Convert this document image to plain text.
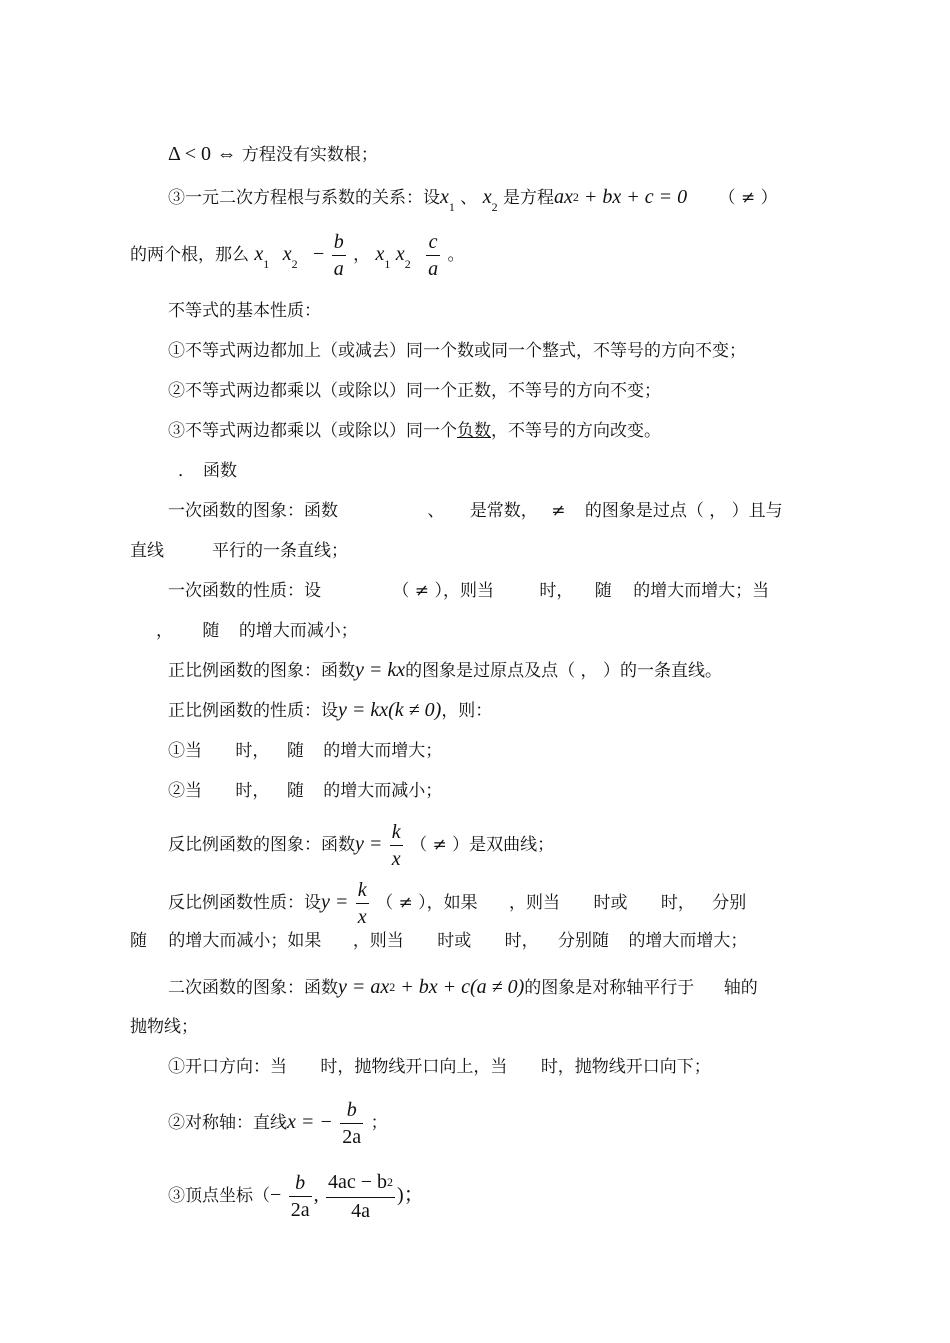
Δ < 0 ⇔ 方程没有实数根；
③一元二次方程根与系数的关系：设$x_1$ 、 $x_2$ 是方程ax2 + bx + c = 0 （ ≠ ）
的两个根，那么 $x_1$ $x_2 - \frac{b}{a}$ ， $x_1$ $x_2 \frac{c}{a}$ 。
不等式的基本性质：
①不等式两边都加上（或减去）同一个数或同一个整式，不等号的方向不变；
②不等式两边都乘以（或除以）同一个正数，不等号的方向不变；
③不等式两边都乘以（或除以）同一个负数，不等号的方向改变。
． 函数
一次函数的图象：函数	、 是常数， ≠ 的图象是过点（ ， ）且与
直线	平行的一条直线；
一次函数的性质：设	（ ≠ ），则当	时， 随 的增大而增大；当
， 随 的增大而减小；
正比例函数的图象：函数y = kx的图象是过原点及点（ ， ）的一条直线。
正比例函数的性质：设y = kx(k ≠ 0)，则：
①当 时， 随 的增大而增大；
②当 时， 随 的增大而减小；
反比例函数的图象：函数$y = \frac{k}{x}$ （ ≠ ）是双曲线；
反比例函数性质：设$y = \frac{k}{x}$ （ ≠ ），如果 ，则当 时或 时， 分别
随 的增大而减小；如果 ，则当 时或 时， 分别随 的增大而增大；
二次函数的图象：函数y = ax2 + bx + c(a ≠ 0)的图象是对称轴平行于 轴的
抛物线；
①开口方向：当 时，抛物线开口向上，当 时，抛物线开口向下；
②对称轴：直线x = − $\frac{b}{2a}$ ；
③顶点坐标（− $\frac{b}{2a}$ , $\frac{4ac - b2}{4a}$ )；
